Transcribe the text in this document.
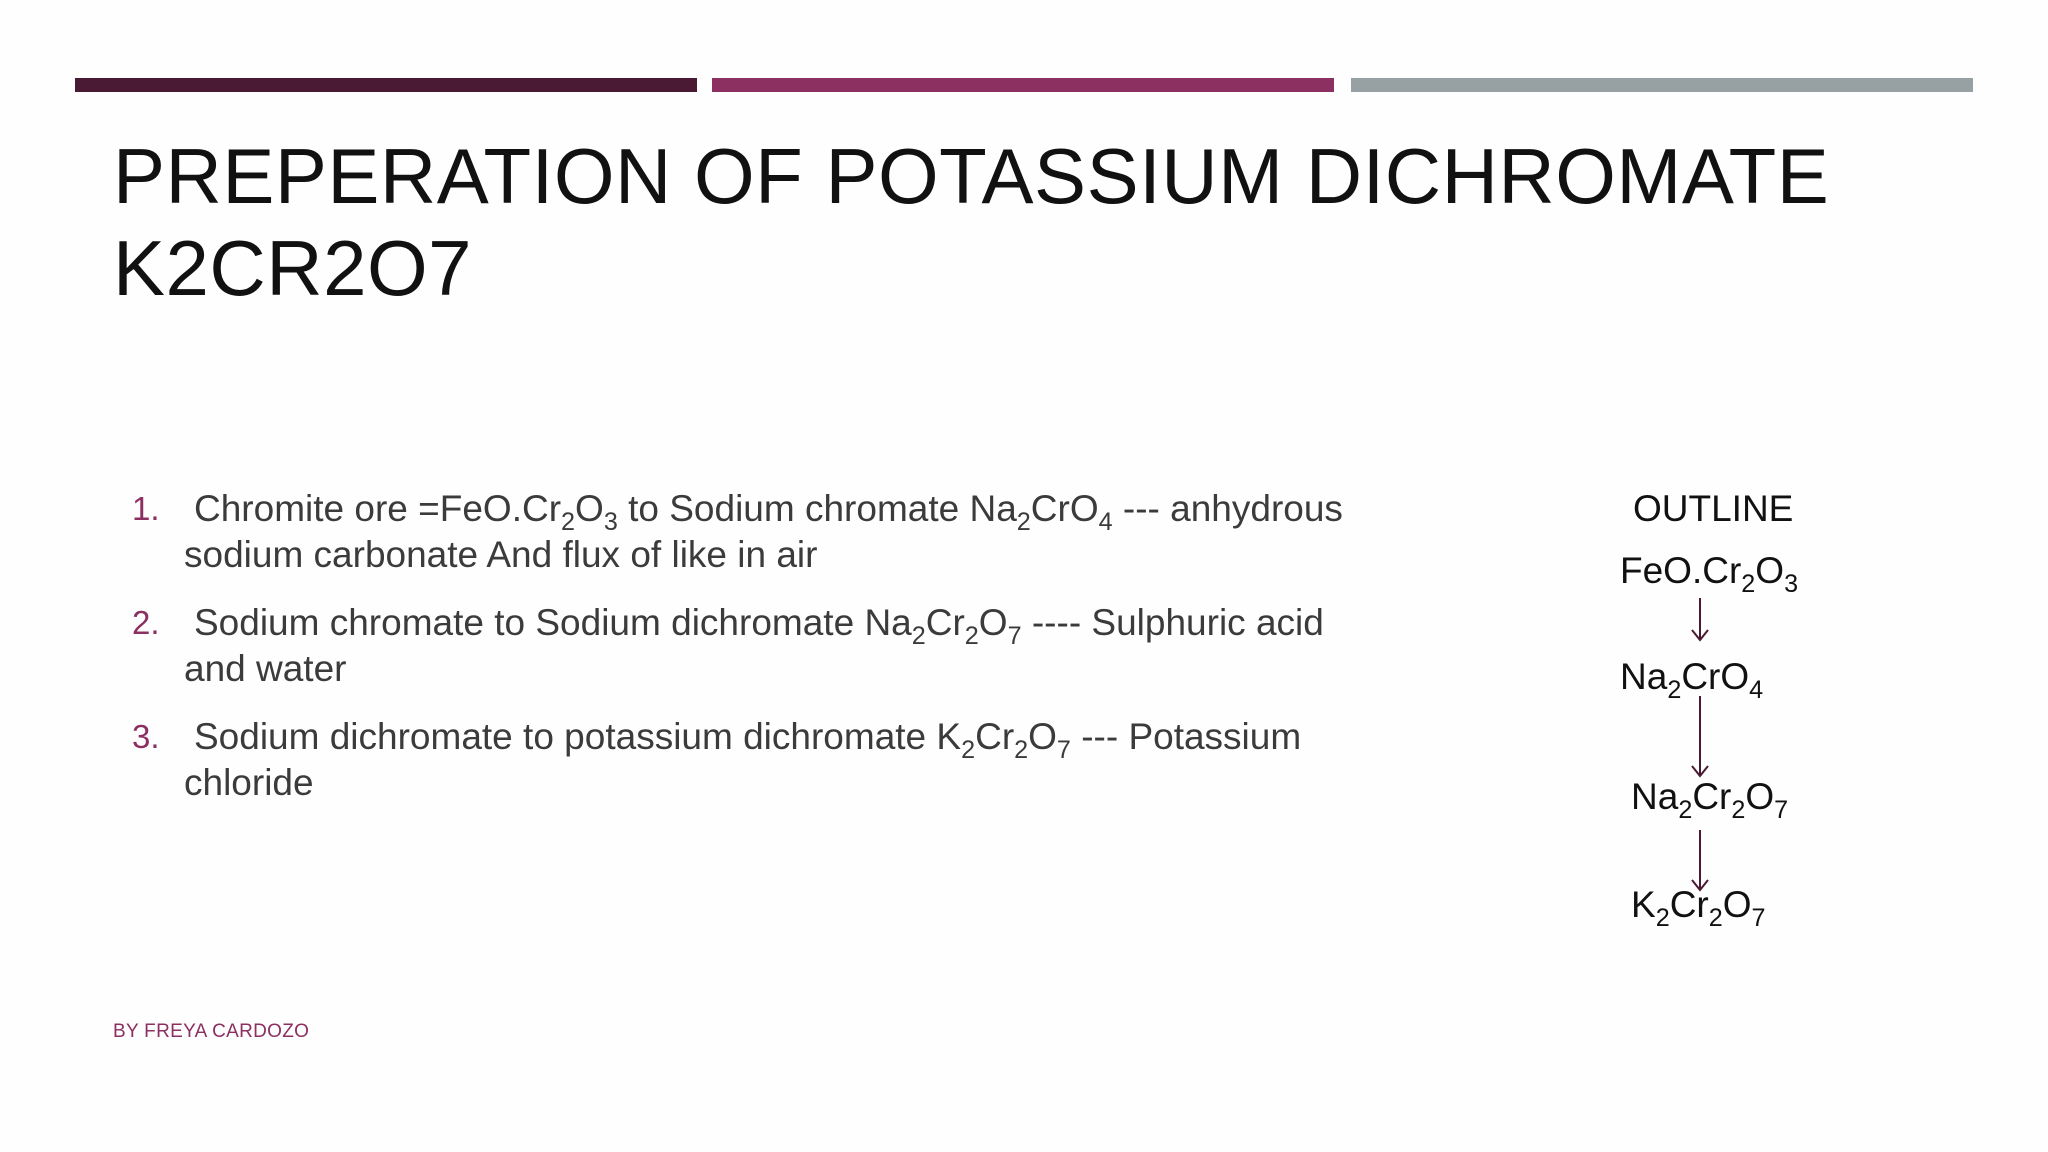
PREPERATION OF POTASSIUM DICHROMATE
K2CR2O7
1. Chromite ore $=FeO.Cr_2O_3$ to Sodium chromate $Na_2CrO_4$ --- anhydrous
sodium carbonate And flux of like in air
2. Sodium chromate to Sodium dichromate $Na_2Cr_2O_7$ ---- Sulphuric acid
and water
3. Sodium dichromate to potassium dichromate $K_2Cr_2O_7$ --- Potassium
chloride
OUTLINE
$FeO.Cr_2O_3$
$Na_2CrO_4$
$Na_2Cr_2O_7$
$K_2Cr_2O_7$
BY FREYA CARDOZO
